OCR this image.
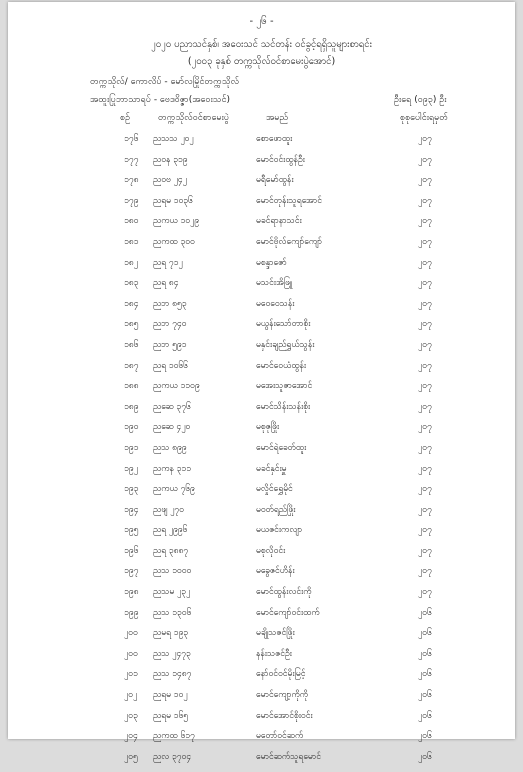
- ၂၆ -
၂၀၂၀ ပညာသင်နှစ်၊ အဝေးသင် သင်တန်း ဝင်ခွင့်ရရှိသူများစာရင်း
(၂၀၀၃ ခုနှစ် တက္ကသိုလ်ဝင်စာမေးပွဲအောင်)
တက္ကသိုလ်/ ကောလိပ် - မော်လမြိုင်တက္ကသိုလ်
အထူးပြုဘာသာရပ် - ဗေဒဝိဇ္ဇာ(အဝေးသင်)	ဦးရေ (၀၉၃) ဦး
စဉ်	တက္ကသိုလ်ဝင်စာမေးပွဲ	အမည်	စုစုပေါင်းရမှတ်
၁၇၆ ညသသ ၂၀၂	စောဖောထူး	၂၀၇
၁၇၇ ညဝန ၃၁၉	မောင်ဝင်းထွန်ဦး	၂၀၇
၁၇၈ ညဝဗ ၂၄၂	မရီမော်ထွန်း	၂၀၇
၁၇၉ ညရမ ၁၀၃၆	မောင်တုန်းသူရအောင်	၂၀၇
၁၈၀ ညကယ ၁၀၂၉	မခင်ရာနာသင်း	၂၀၇
၁၈၁ ညကထ ၃၀၀	မောင်ဗိုလ်ကျော်ကျော်	၂၀၇
၁၈၂ ညရ ၇၁၂	မစန္ဒာဇော်	၂၀၇
၁၈၃ ညရ ၈၄	မသင်းအိဖြူ	၂၀၇
၁၈၄ ညဘ ၈၅၃	မဝေဝေသန်း	၂၀၇
၁၈၅ ညဘ ၇၄၀	မယွန်းသော်တာစိုး	၂၀၇
၁၈၆ ညဘ ၅၉၁	မနှင်းချည်ရွှယ်သွန်း	၂၀၇
၁၈၇ ညရ ၁၀၆၆	မောင်ဝေယံထွန်း	၂၀၇
၁၈၈ ညကယ ၁၁၀၉	မအေးသူဇာအောင်	၂၀၇
၁၈၉ ညဆေ ၃၇၆	မောင်သိန်းသန်းစိုး	၂၀၇
၁၉၀ ညဆေ ၄၂၀	မစုဇုဖြိုး	၂၀၇
၁၉၁ ညသ ၈၉၉	မောင်ရဲခေတ်ထူး	၂၀၇
၁၉၂ ညကန ၃၁၁	မခင်နှင်းမှူ	၂၀၇
၁၉၃ ညကယ ၇၆၉	မလှိုင်ရွှေမိုင်	၂၀၇
၁၉၄ ညဖျ ၂၇၀	မဝတ်ရည်ဖြိုး	၂၀၇
၁၉၅ ညရ ၂၉၉၆	မယဇင်းကလျာ	၂၀၇
၁၉၆ ညရ ၃၈၈၇	မစုလိုဝင်း	၂၀၇
၁၉၇ ညသ ၁၀၀၀	မခွေဇင်ဟိန်း	၂၀၇
၁၉၈ ညသမ ၂၃၂	မောင်ထွန်းလင်းကို	၂၀၇
၁၉၉ ညသ ၁၃၀၆	မောင်ကျော်ဝင်းထက်	၂၀၆
၂၀၀ ညမရ ၁၉၃	မချိုသဇင်ဖြိုး	၂၀၆
၂၀၀ ညသ ၂၄၇၃	နန်းသဇင်ဦး	၂၀၆
၂၀၁ ညသ ၁၄၈၇	နော်ဝင်ဝင်မိုးမြင့်	၂၀၆
၂၀၂ ညရမ ၁၀၂	မောင်ကျော့ကိုကို	၂၀၆
၂၀၃ ညရမ ၁၆၅	မောင်အောင်စိုးဝင်း	၂၀၆
၂၀၄ ညကထ ၆၁၇	မတော်ဝင်ဆက်	၂၀၆
၂၀၅ ညလ ၃၇၀၄	မောင်ဆက်သူရမောင်	၂၀၆
